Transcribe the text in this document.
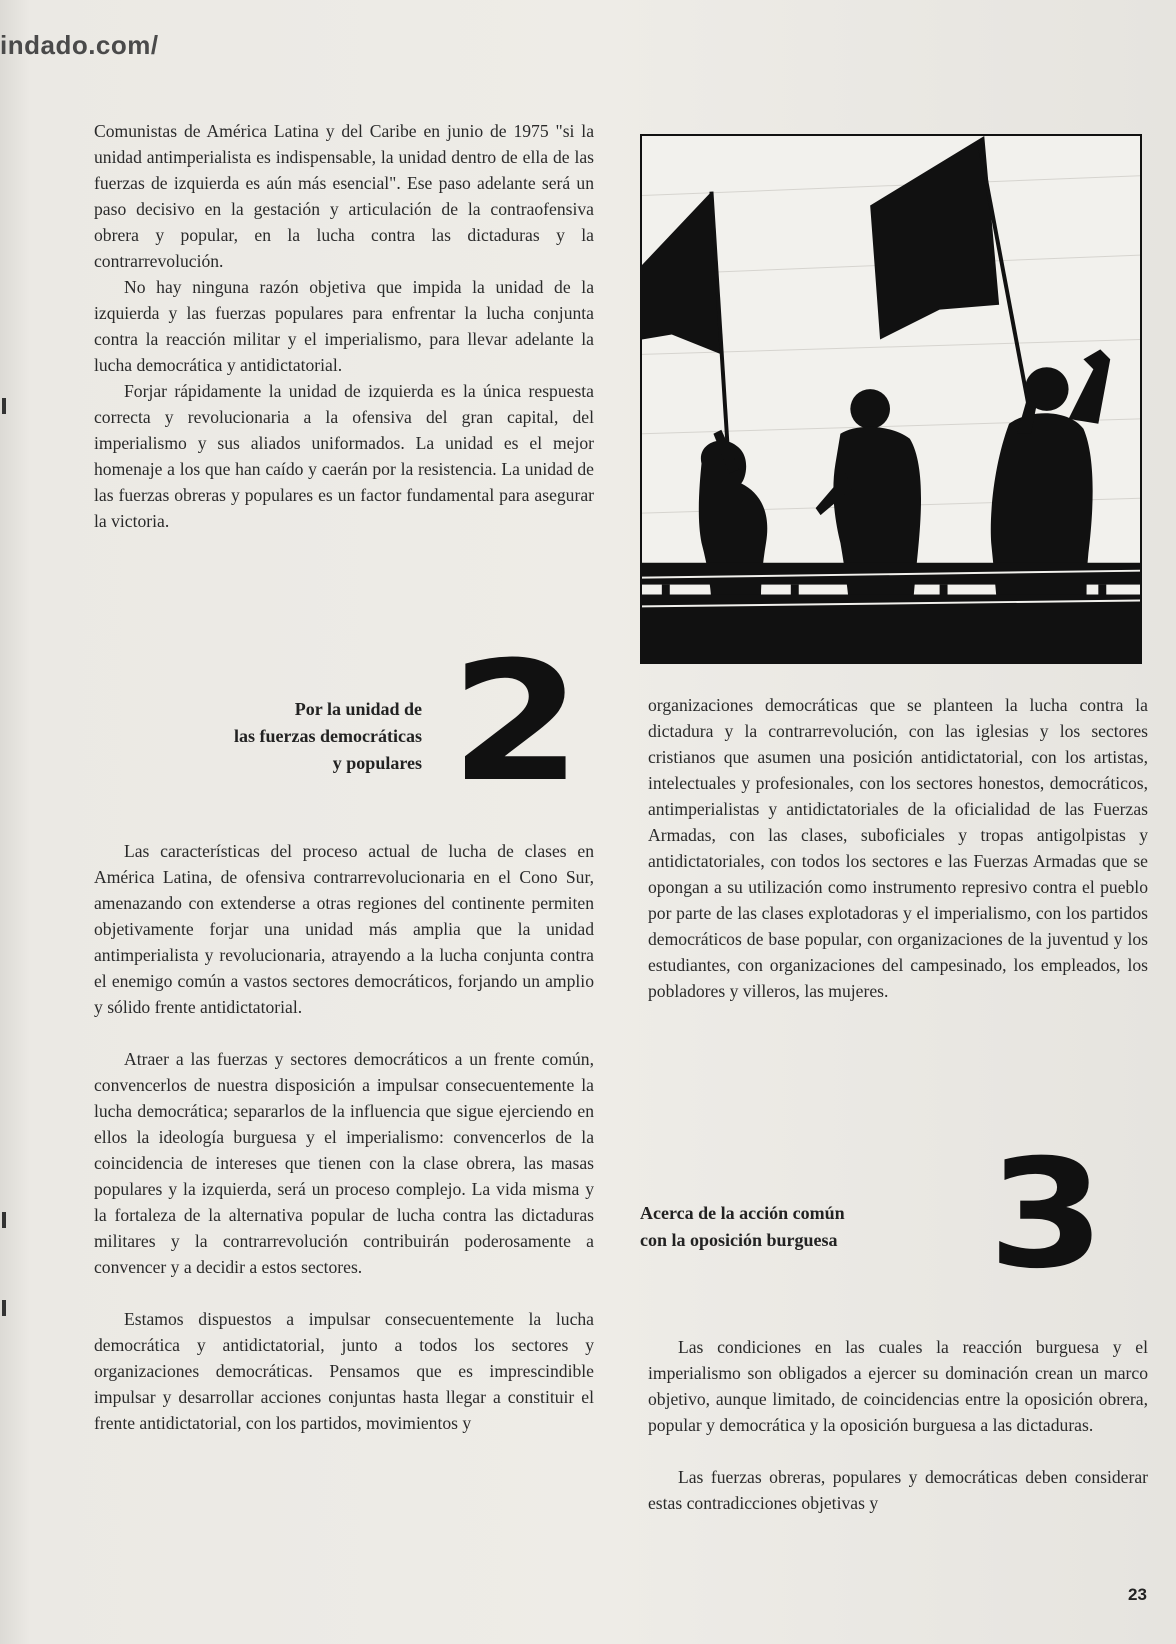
indado.com/

Comunistas de América Latina y del Caribe en junio de 1975 "si la unidad antimperialista es indispensable, la unidad dentro de ella de las fuerzas de izquierda es aún más esencial". Ese paso adelante será un paso decisivo en la gestación y articulación de la contraofensiva obrera y popular, en la lucha contra las dictaduras y la contrarrevolución.

No hay ninguna razón objetiva que impida la unidad de la izquierda y las fuerzas populares para enfrentar la lucha conjunta contra la reacción militar y el imperialismo, para llevar adelante la lucha democrática y antidictatorial.

Forjar rápidamente la unidad de izquierda es la única respuesta correcta y revolucionaria a la ofensiva del gran capital, del imperialismo y sus aliados uniformados. La unidad es el mejor homenaje a los que han caído y caerán por la resistencia. La unidad de las fuerzas obreras y populares es un factor fundamental para asegurar la victoria.

Por la unidad de
las fuerzas democráticas
y populares 2

Las características del proceso actual de lucha de clases en América Latina, de ofensiva contrarrevolucionaria en el Cono Sur, amenazando con extenderse a otras regiones del continente permiten objetivamente forjar una unidad más amplia que la unidad antimperialista y revolucionaria, atrayendo a la lucha conjunta contra el enemigo común a vastos sectores democráticos, forjando un amplio y sólido frente antidictatorial.

Atraer a las fuerzas y sectores democráticos a un frente común, convencerlos de nuestra disposición a impulsar consecuentemente la lucha democrática; separarlos de la influencia que sigue ejerciendo en ellos la ideología burguesa y el imperialismo: convencerlos de la coincidencia de intereses que tienen con la clase obrera, las masas populares y la izquierda, será un proceso complejo. La vida misma y la fortaleza de la alternativa popular de lucha contra las dictaduras militares y la contrarrevolución contribuirán poderosamente a convencer y a decidir a estos sectores.

Estamos dispuestos a impulsar consecuentemente la lucha democrática y antidictatorial, junto a todos los sectores y organizaciones democráticas. Pensamos que es imprescindible impulsar y desarrollar acciones conjuntas hasta llegar a constituir el frente antidictatorial, con los partidos, movimientos y

organizaciones democráticas que se planteen la lucha contra la dictadura y la contrarrevolución, con las iglesias y los sectores cristianos que asumen una posición antidictatorial, con los artistas, intelectuales y profesionales, con los sectores honestos, democráticos, antimperialistas y antidictatoriales de la oficialidad de las Fuerzas Armadas, con las clases, suboficiales y tropas antigolpistas y antidictatoriales, con todos los sectores e las Fuerzas Armadas que se opongan a su utilización como instrumento represivo contra el pueblo por parte de las clases explotadoras y el imperialismo, con los partidos democráticos de base popular, con organizaciones de la juventud y los estudiantes, con organizaciones del campesinado, los empleados, los pobladores y villeros, las mujeres.

Acerca de la acción común
con la oposición burguesa	3

Las condiciones en las cuales la reacción burguesa y el imperialismo son obligados a ejercer su dominación crean un marco objetivo, aunque limitado, de coincidencias entre la oposición obrera, popular y democrática y la oposición burguesa a las dictaduras.

Las fuerzas obreras, populares y democráticas deben considerar estas contradicciones objetivas y

23
